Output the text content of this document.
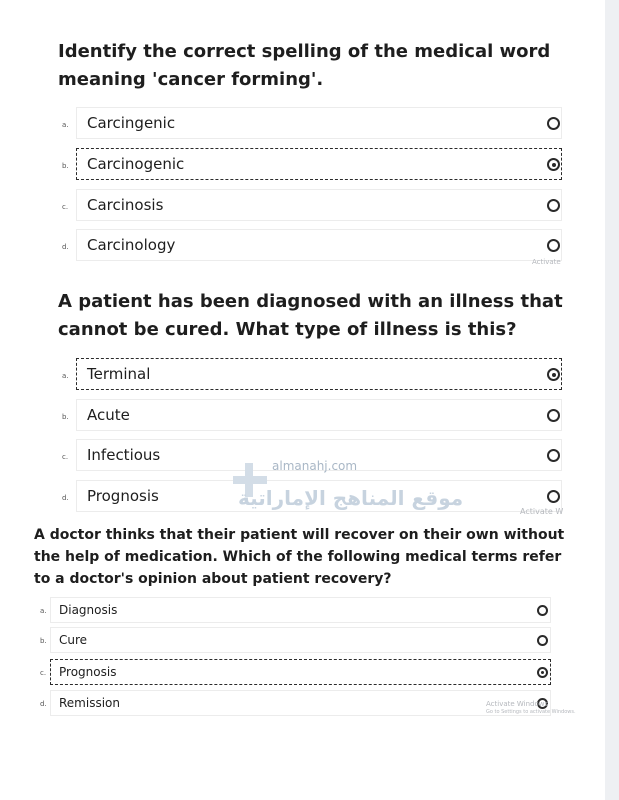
Identify the correct spelling of the medical word meaning 'cancer forming'.
a. Carcingenic
b. Carcinogenic
c. Carcinosis
d. Carcinology
Activate
A patient has been diagnosed with an illness that cannot be cured. What type of illness is this?
a. Terminal
b. Acute
c. Infectious
d. Prognosis
Activate W
almanahj.com
موقع المناهج الإماراتية
A doctor thinks that their patient will recover on their own without the help of medication. Which of the following medical terms refer to a doctor's opinion about patient recovery?
a. Diagnosis
b. Cure
c. Prognosis
d. Remission	Activate Windows
Go to Settings to activate Windows.
